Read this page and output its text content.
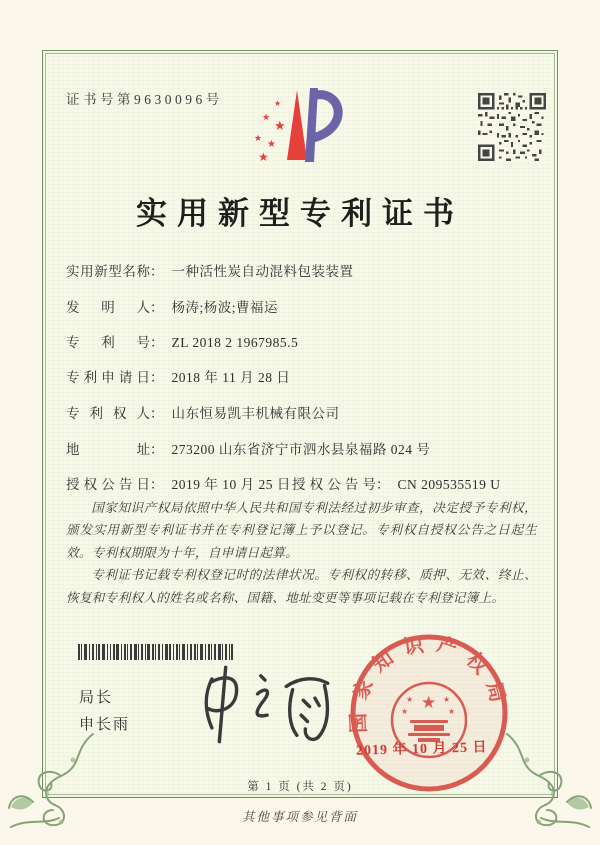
证书号第9630096号	★
★
★
★ ★
★
实用新型专利证书
实用新型名称： 一种活性炭自动混料包装装置
发明人： 杨涛;杨波;曹福运
专利号： ZL 2018 2 1967985.5
专利申请日： 2018 年 11 月 28 日
专利权人： 山东恒易凯丰机械有限公司
地址： 273200 山东省济宁市泗水县泉福路 024 号
授权公告日： 2019 年 10 月 25 日 授权公告号： CN 209535519 U

国家知识产权局依照中华人民共和国专利法经过初步审查，决定授予专利权，颁发实用新型专利证书并在专利登记簿上予以登记。专利权自授权公告之日起生效。专利权期限为十年，自申请日起算。

专利证书记载专利权登记时的法律状况。专利权的转移、质押、无效、终止、恢复和专利权人的姓名或名称、国籍、地址变更等事项记载在专利登记簿上。

局长
申长雨	国家知识产权局
★
★	★
★	★
2019 年 10 月 25 日
第 1 页 (共 2 页)
其他事项参见背面
